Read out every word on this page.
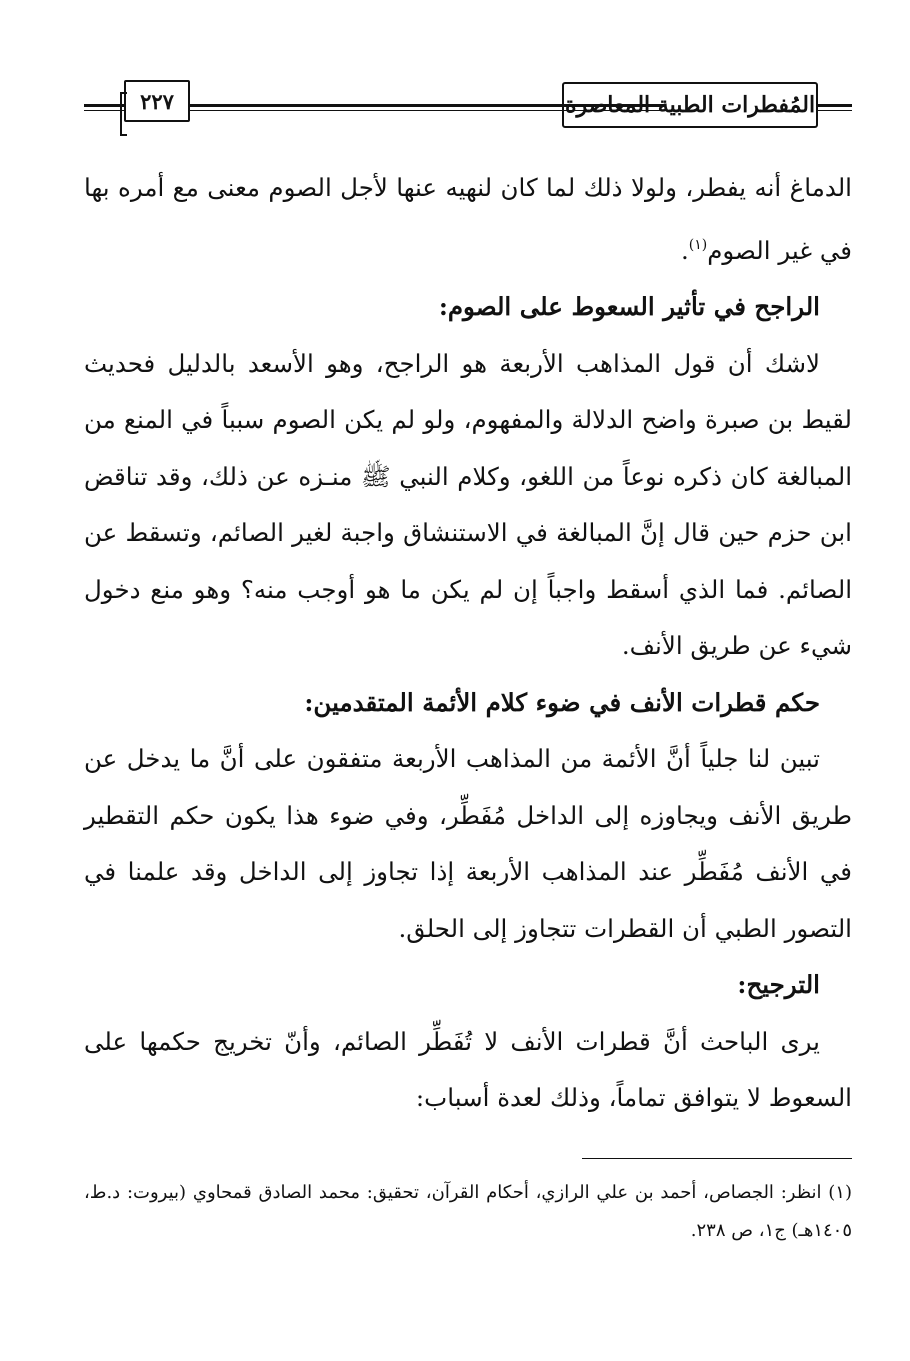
٢٢٧	المُفطرات الطبية المعاصرة

الدماغ أنه يفطر، ولولا ذلك لما كان لنهيه عنها لأجل الصوم معنى مع أمره بها في غير الصوم$^{(١)}$.

الراجح في تأثير السعوط على الصوم:

لاشك أن قول المذاهب الأربعة هو الراجح، وهو الأسعد بالدليل فحديث لقيط بن صبرة واضح الدلالة والمفهوم، ولو لم يكن الصوم سبباً في المنع من المبالغة كان ذكره نوعاً من اللغو، وكلام النبي ﷺ منـزه عن ذلك، وقد تناقض ابن حزم حين قال إنَّ المبالغة في الاستنشاق واجبة لغير الصائم، وتسقط عن الصائم. فما الذي أسقط واجباً إن لم يكن ما هو أوجب منه؟ وهو منع دخول شيء عن طريق الأنف.

حكم قطرات الأنف في ضوء كلام الأئمة المتقدمين:

تبين لنا جلياً أنَّ الأئمة من المذاهب الأربعة متفقون على أنَّ ما يدخل عن طريق الأنف ويجاوزه إلى الداخل مُفَطِّر، وفي ضوء هذا يكون حكم التقطير في الأنف مُفَطِّر عند المذاهب الأربعة إذا تجاوز إلى الداخل وقد علمنا في التصور الطبي أن القطرات تتجاوز إلى الحلق.

الترجيح:

يرى الباحث أنَّ قطرات الأنف لا تُفَطِّر الصائم، وأنّ تخريج حكمها على السعوط لا يتوافق تماماً، وذلك لعدة أسباب:

(١) انظر: الجصاص، أحمد بن علي الرازي، أحكام القرآن، تحقيق: محمد الصادق قمحاوي (بيروت: د.ط، ١٤٠٥هـ) ج١، ص ٢٣٨.
